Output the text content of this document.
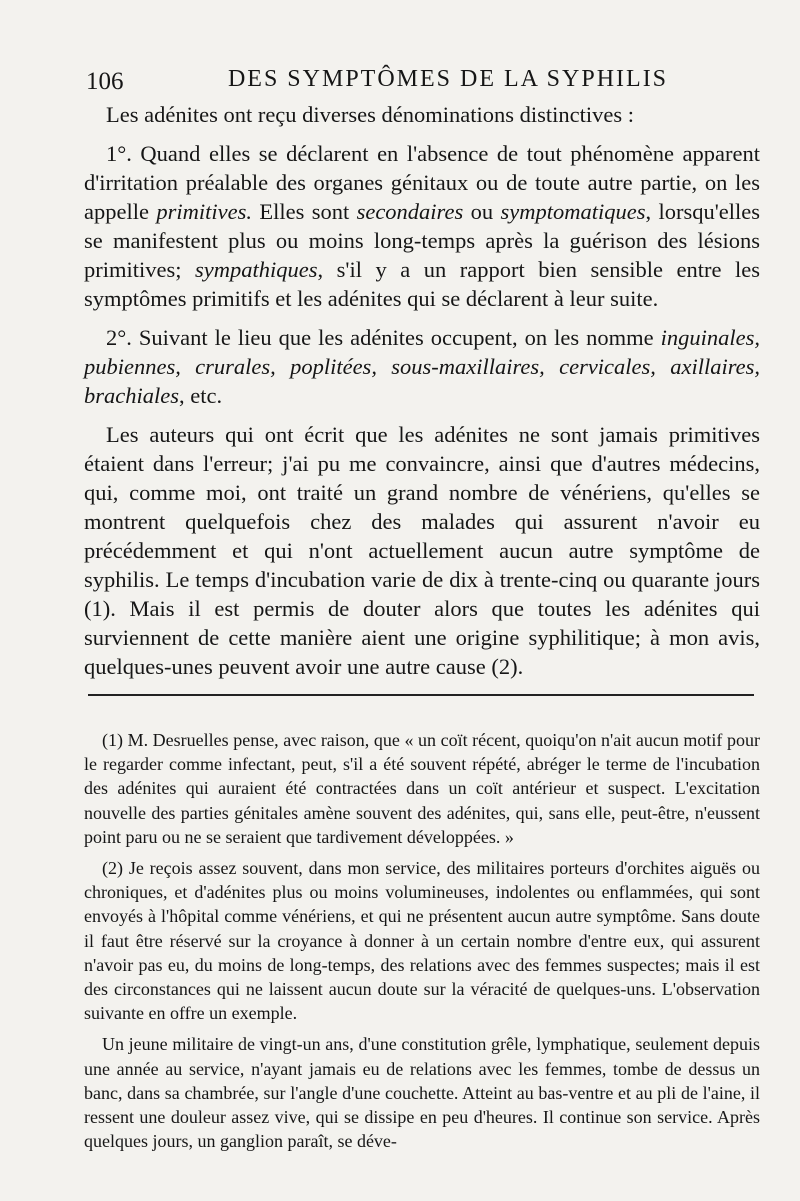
106	DES SYMPTÔMES DE LA SYPHILIS

Les adénites ont reçu diverses dénominations distinctives :

1°. Quand elles se déclarent en l'absence de tout phénomène apparent d'irritation préalable des organes génitaux ou de toute autre partie, on les appelle primitives. Elles sont secondaires ou symptomatiques, lorsqu'elles se manifestent plus ou moins long-temps après la guérison des lésions primitives; sympathiques, s'il y a un rapport bien sensible entre les symptômes primitifs et les adénites qui se déclarent à leur suite.

2°. Suivant le lieu que les adénites occupent, on les nomme inguinales, pubiennes, crurales, poplitées, sous-maxillaires, cervicales, axillaires, brachiales, etc.

Les auteurs qui ont écrit que les adénites ne sont jamais primitives étaient dans l'erreur; j'ai pu me convaincre, ainsi que d'autres médecins, qui, comme moi, ont traité un grand nombre de vénériens, qu'elles se montrent quelquefois chez des malades qui assurent n'avoir eu précédemment et qui n'ont actuellement aucun autre symptôme de syphilis. Le temps d'incubation varie de dix à trente-cinq ou quarante jours (1). Mais il est permis de douter alors que toutes les adénites qui surviennent de cette manière aient une origine syphilitique; à mon avis, quelques-unes peuvent avoir une autre cause (2).

(1) M. Desruelles pense, avec raison, que « un coït récent, quoiqu'on n'ait aucun motif pour le regarder comme infectant, peut, s'il a été souvent répété, abréger le terme de l'incubation des adénites qui auraient été contractées dans un coït antérieur et suspect. L'excitation nouvelle des parties génitales amène souvent des adénites, qui, sans elle, peut-être, n'eussent point paru ou ne se seraient que tardivement développées. »

(2) Je reçois assez souvent, dans mon service, des militaires porteurs d'orchites aiguës ou chroniques, et d'adénites plus ou moins volumineuses, indolentes ou enflammées, qui sont envoyés à l'hôpital comme vénériens, et qui ne présentent aucun autre symptôme. Sans doute il faut être réservé sur la croyance à donner à un certain nombre d'entre eux, qui assurent n'avoir pas eu, du moins de long-temps, des relations avec des femmes suspectes; mais il est des circonstances qui ne laissent aucun doute sur la véracité de quelques-uns. L'observation suivante en offre un exemple.

Un jeune militaire de vingt-un ans, d'une constitution grêle, lymphatique, seulement depuis une année au service, n'ayant jamais eu de relations avec les femmes, tombe de dessus un banc, dans sa chambrée, sur l'angle d'une couchette. Atteint au bas-ventre et au pli de l'aine, il ressent une douleur assez vive, qui se dissipe en peu d'heures. Il continue son service. Après quelques jours, un ganglion paraît, se déve-
